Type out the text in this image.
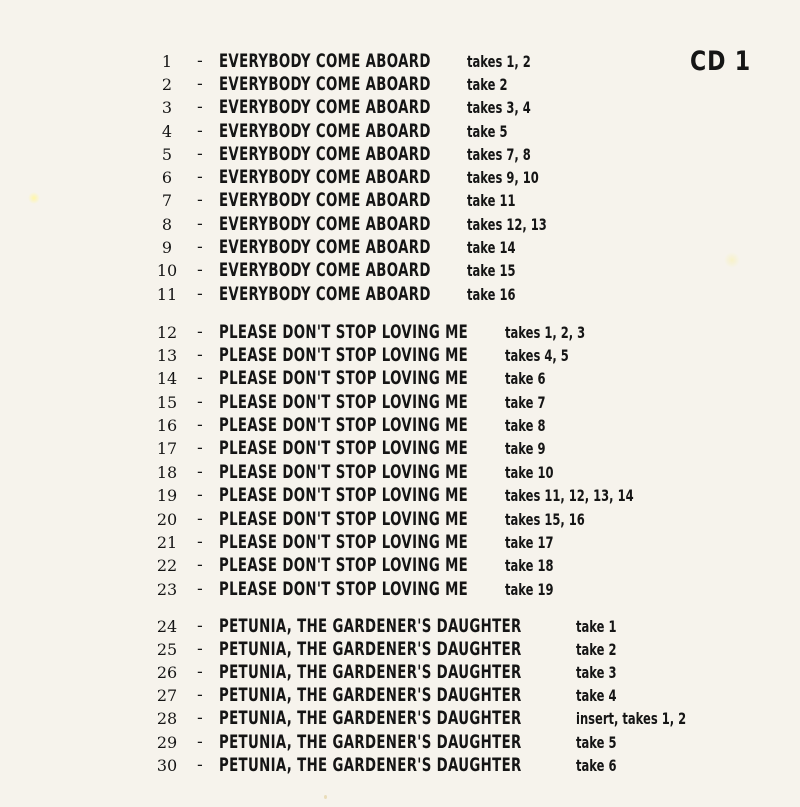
CD 1
1	- EVERYBODY COME ABOARD takes 1, 2
2	- EVERYBODY COME ABOARD take 2
3	- EVERYBODY COME ABOARD takes 3, 4
4	- EVERYBODY COME ABOARD take 5
5	- EVERYBODY COME ABOARD takes 7, 8
6	- EVERYBODY COME ABOARD takes 9, 10
7	- EVERYBODY COME ABOARD take 11
8	- EVERYBODY COME ABOARD takes 12, 13
9	- EVERYBODY COME ABOARD take 14
10	- EVERYBODY COME ABOARD take 15
11	- EVERYBODY COME ABOARD take 16
12	- PLEASE DON'T STOP LOVING ME takes 1, 2, 3
13	- PLEASE DON'T STOP LOVING ME takes 4, 5
14	- PLEASE DON'T STOP LOVING ME take 6
15	- PLEASE DON'T STOP LOVING ME take 7
16	- PLEASE DON'T STOP LOVING ME take 8
17	- PLEASE DON'T STOP LOVING ME take 9
18	- PLEASE DON'T STOP LOVING ME take 10
19	- PLEASE DON'T STOP LOVING ME takes 11, 12, 13, 14
20	- PLEASE DON'T STOP LOVING ME takes 15, 16
21	- PLEASE DON'T STOP LOVING ME take 17
22	- PLEASE DON'T STOP LOVING ME take 18
23	- PLEASE DON'T STOP LOVING ME take 19
24	- PETUNIA, THE GARDENER'S DAUGHTER	take 1
25	- PETUNIA, THE GARDENER'S DAUGHTER	take 2
26	- PETUNIA, THE GARDENER'S DAUGHTER	take 3
27	- PETUNIA, THE GARDENER'S DAUGHTER	take 4
28	- PETUNIA, THE GARDENER'S DAUGHTER	insert, takes 1, 2
29	- PETUNIA, THE GARDENER'S DAUGHTER	take 5
30	- PETUNIA, THE GARDENER'S DAUGHTER	take 6
